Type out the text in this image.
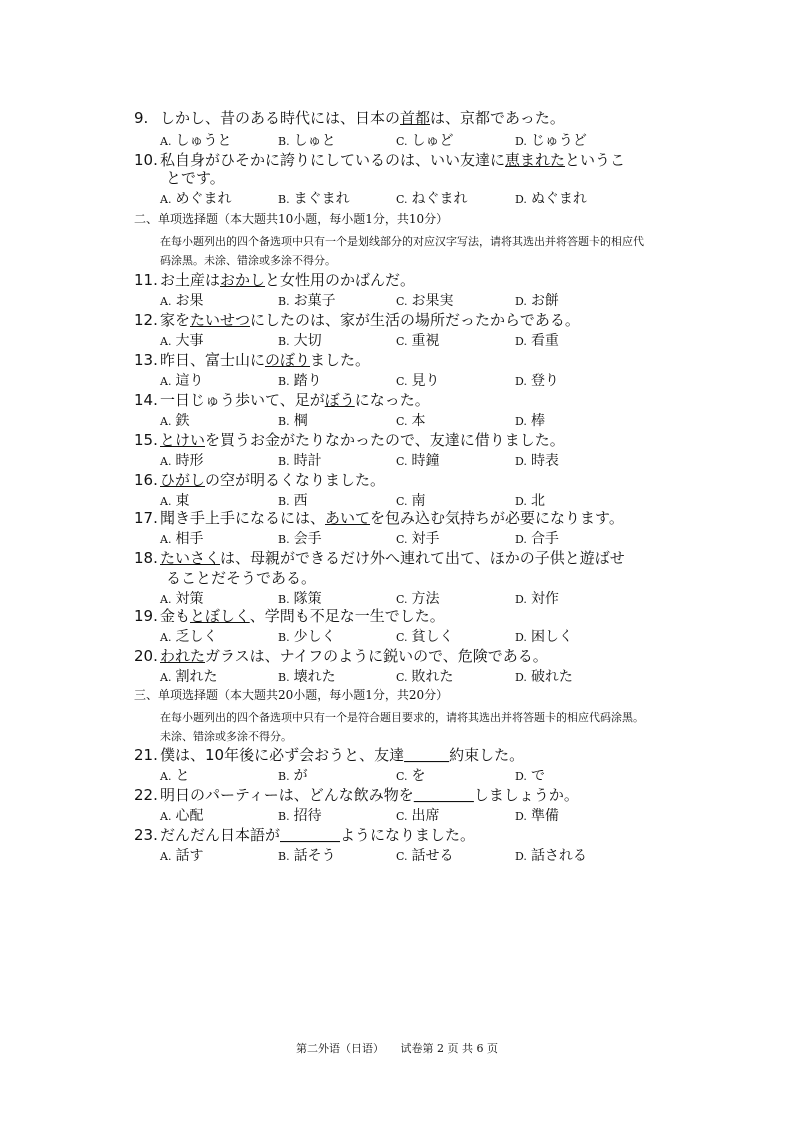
9. しかし、昔のある時代には、日本の首都は、京都であった。
A. しゅうと	B. しゅと	C. しゅど	D. じゅうど
10. 私自身がひそかに誇りにしているのは、いい友達に恵まれたというこ
とです。
A. めぐまれ	B. まぐまれ	C. ねぐまれ	D. ぬぐまれ
二、单项选择题（本大题共10小题，每小题1分，共10分）
在每小题列出的四个备选项中只有一个是划线部分的对应汉字写法，请将其选出并将答题卡的相应代码涂黑。未涂、错涂或多涂不得分。
11. お土産はおかしと女性用のかばんだ。
A. お果	B. お菓子	C. お果実	D. お餅
12. 家をたいせつにしたのは、家が生活の場所だったからである。
A. 大事	B. 大切	C. 重視	D. 看重
13. 昨日、富士山にのぼりました。
A. 這り	B. 踏り	C. 見り	D. 登り
14. 一日じゅう歩いて、足がぼうになった。
A. 鉄	B. 棡	C. 本	D. 棒
15. とけいを買うお金がたりなかったので、友達に借りました。
A. 時形	B. 時計	C. 時鐘	D. 時表
16. ひがしの空が明るくなりました。
A. 東	B. 西	C. 南	D. 北
17. 聞き手上手になるには、あいてを包み込む気持ちが必要になります。
A. 相手	B. 会手	C. 対手	D. 合手
18. たいさくは、母親ができるだけ外へ連れて出て、ほかの子供と遊ばせ
ることだそうである。
A. 対策	B. 隊策	C. 方法	D. 対作
19. 金もとぼしく、学問も不足な一生でした。
A. 乏しく	B. 少しく	C. 貧しく	D. 困しく
20. われたガラスは、ナイフのように鋭いので、危険である。
A. 割れた	B. 壊れた	C. 敗れた	D. 破れた
三、单项选择题（本大题共20小题，每小题1分，共20分）
在每小题列出的四个备选项中只有一个是符合题目要求的，请将其选出并将答题卡的相应代码涂黑。未涂、错涂或多涂不得分。
21. 僕は、10年後に必ず会おうと、友達＿＿＿約束した。
A. と	B. が	C. を	D. で
22. 明日のパーティーは、どんな飲み物を＿＿＿＿しましょうか。
A. 心配	B. 招待	C. 出席	D. 準備
23. だんだん日本語が＿＿＿＿ようになりました。
A. 話す	B. 話そう	C. 話せる	D. 話される
第二外语（日语）　　试卷第 2 页 共 6 页
